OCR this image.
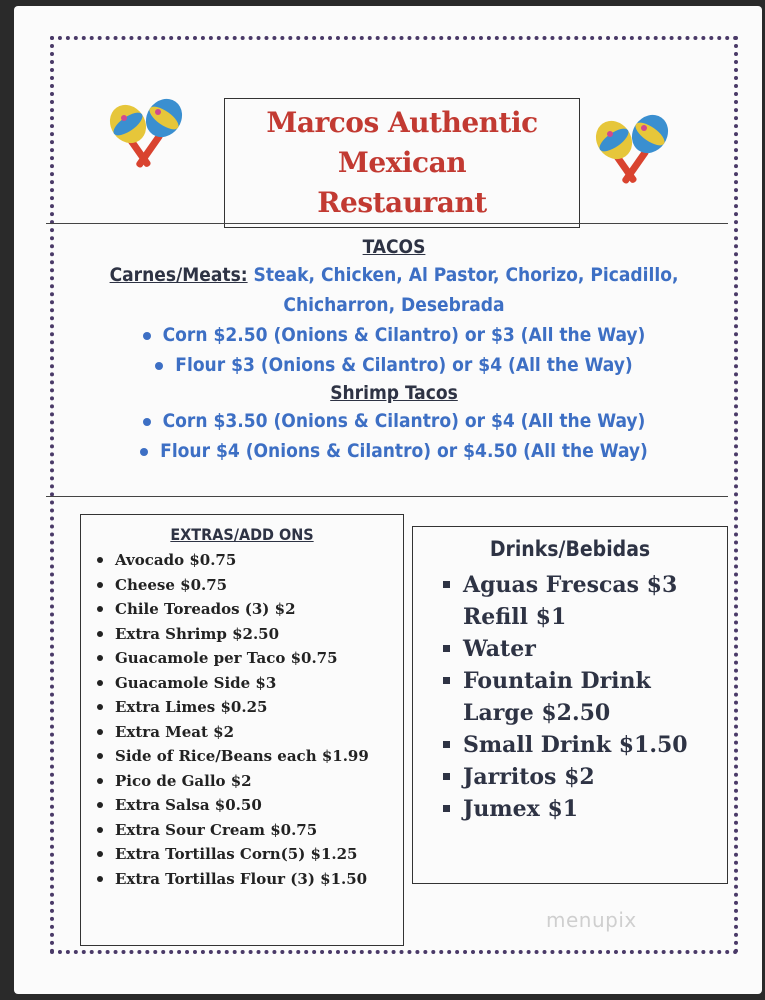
Marcos Authentic Mexican
Restaurant
TACOS
Carnes/Meats: Steak, Chicken, Al Pastor, Chorizo, Picadillo,
Chicharron, Desebrada
Corn $2.50 (Onions & Cilantro) or $3 (All the Way)
Flour $3 (Onions & Cilantro) or $4 (All the Way)
Shrimp Tacos
Corn $3.50 (Onions & Cilantro) or $4 (All the Way)
Flour $4 (Onions & Cilantro) or $4.50 (All the Way)
EXTRAS/ADD ONS
Avocado $0.75
Cheese $0.75
Chile Toreados (3) $2
Extra Shrimp $2.50
Guacamole per Taco $0.75
Guacamole Side $3
Extra Limes $0.25
Extra Meat $2
Side of Rice/Beans each $1.99
Pico de Gallo $2
Extra Salsa $0.50
Extra Sour Cream $0.75
Extra Tortillas Corn(5) $1.25
Extra Tortillas Flour (3) $1.50
Drinks/Bebidas
Aguas Frescas $3 Refill $1
Water
Fountain Drink Large $2.50
Small Drink $1.50
Jarritos $2
Jumex $1
menupix
